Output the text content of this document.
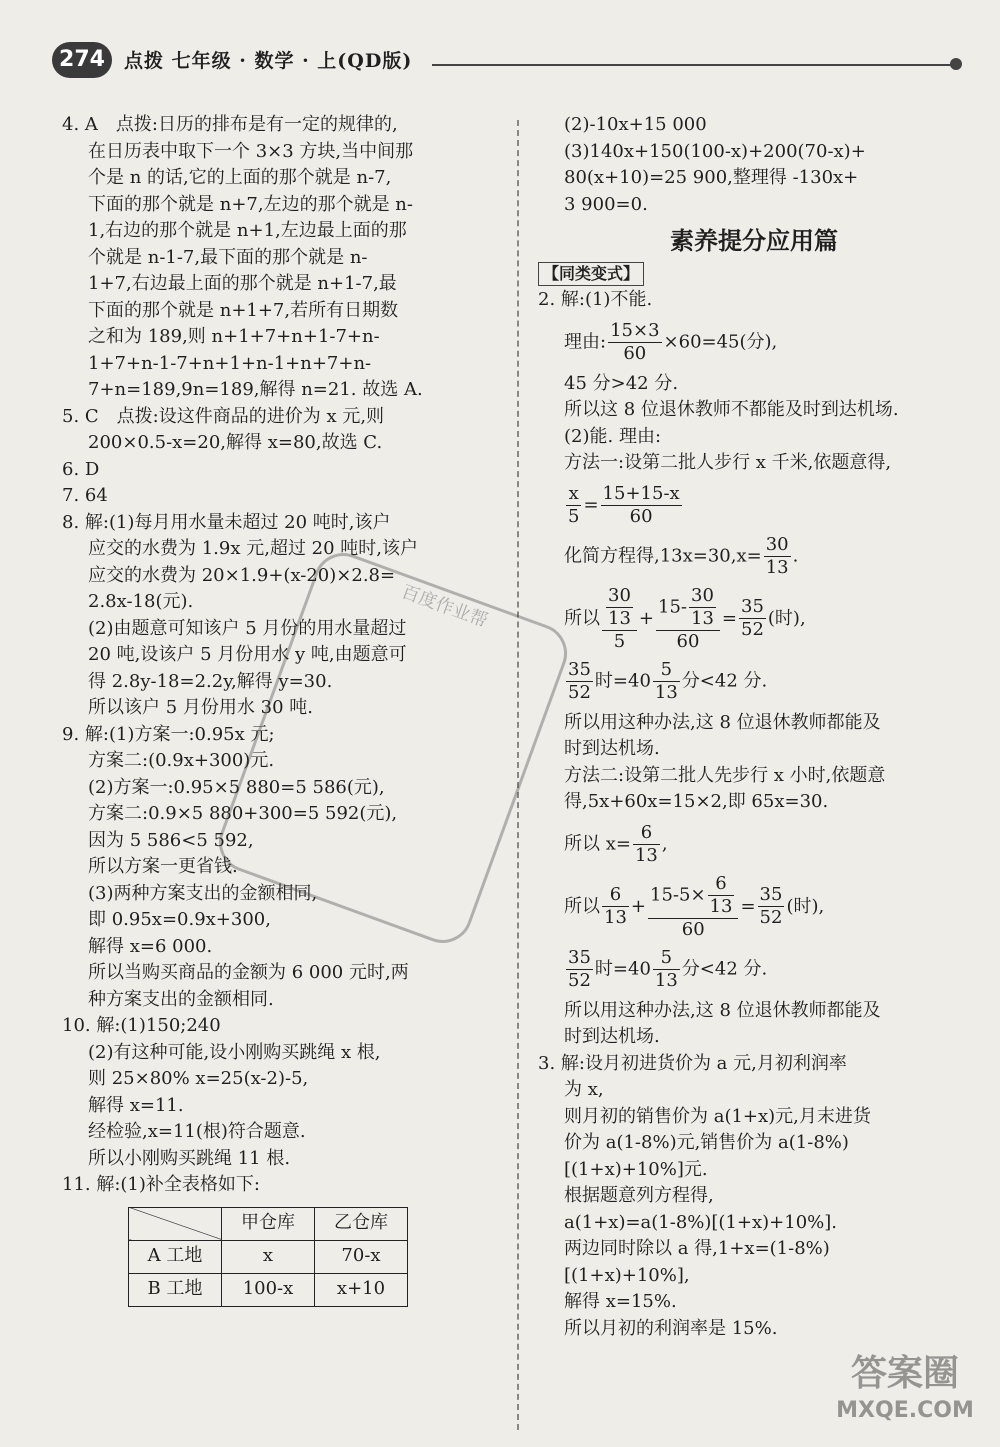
274	点拨 七年级 · 数学 · 上(QD版)

4. A　点拨:日历的排布是有一定的规律的,

在日历表中取下一个 3×3 方块,当中间那

个是 n 的话,它的上面的那个就是 n-7,

下面的那个就是 n+7,左边的那个就是 n-

1,右边的那个就是 n+1,左边最上面的那

个就是 n-1-7,最下面的那个就是 n-

1+7,右边最上面的那个就是 n+1-7,最

下面的那个就是 n+1+7,若所有日期数

之和为 189,则 n+1+7+n+1-7+n-

1+7+n-1-7+n+1+n-1+n+7+n-

7+n=189,9n=189,解得 n=21. 故选 A.

5. C　点拨:设这件商品的进价为 x 元,则

200×0.5-x=20,解得 x=80,故选 C.

6. D

7. 64

8. 解:(1)每月用水量未超过 20 吨时,该户

应交的水费为 1.9x 元,超过 20 吨时,该户

应交的水费为 20×1.9+(x-20)×2.8=

2.8x-18(元).

(2)由题意可知该户 5 月份的用水量超过

20 吨,设该户 5 月份用水 y 吨,由题意可

得 2.8y-18=2.2y,解得 y=30.

所以该户 5 月份用水 30 吨.

9. 解:(1)方案一:0.95x 元;

方案二:(0.9x+300)元.

(2)方案一:0.95×5 880=5 586(元),

方案二:0.9×5 880+300=5 592(元),

因为 5 586<5 592,

所以方案一更省钱.

(3)两种方案支出的金额相同,

即 0.95x=0.9x+300,

解得 x=6 000.

所以当购买商品的金额为 6 000 元时,两

种方案支出的金额相同.

10. 解:(1)150;240

(2)有这种可能,设小刚购买跳绳 x 根,

则 25×80% x=25(x-2)-5,

解得 x=11.

经检验,x=11(根)符合题意.

所以小刚购买跳绳 11 根.

11. 解:(1)补全表格如下:

	甲仓库	乙仓库
A 工地	x	70-x
B 工地	100-x	x+10

(2)-10x+15 000

(3)140x+150(100-x)+200(70-x)+

80(x+10)=25 900,整理得 -130x+

3 900=0.

素养提分应用篇
【同类变式】

2. 解:(1)不能.

理由: $\frac{15\times 3}{60} \times 60=45$(分),

45 分>42 分.

所以这 8 位退休教师不都能及时到达机场.

(2)能. 理由:

方法一:设第二批人步行 x 千米,依题意得,

$\frac{x}{5} = \frac{15+15-x}{60}$

化简方程得$,13x=30,x= \frac{30}{13}$ .

所以 $\frac{\frac{30}{13}}{5} + \frac{15- \frac{30}{13}}{60} = \frac{35}{52}$ (时),

$\frac{35}{52}$ 时$=40 \frac{5}{13}$ 分<42 分.

所以用这种办法,这 8 位退休教师都能及

时到达机场.

方法二:设第二批人先步行 x 小时,依题意

得,5x+60x=15×2,即 65x=30.

所以 $x= \frac{6}{13}$ ,

所以 $\frac{6}{13} + \frac{15-5\times \frac{6}{13}}{60} = \frac{35}{52}$ (时),

$\frac{35}{52}$ 时$=40 \frac{5}{13}$ 分<42 分.

所以用这种办法,这 8 位退休教师都能及

时到达机场.

3. 解:设月初进货价为 a 元,月初利润率

为 x,

则月初的销售价为 a(1+x)元,月末进货

价为 a(1-8%)元,销售价为 a(1-8%)

[(1+x)+10%]元.

根据题意列方程得,

a(1+x)=a(1-8%)[(1+x)+10%].

两边同时除以 a 得,1+x=(1-8%)

[(1+x)+10%],

解得 x=15%.

所以月初的利润率是 15%.

百度作业帮
答案圈
MXQE.COM
